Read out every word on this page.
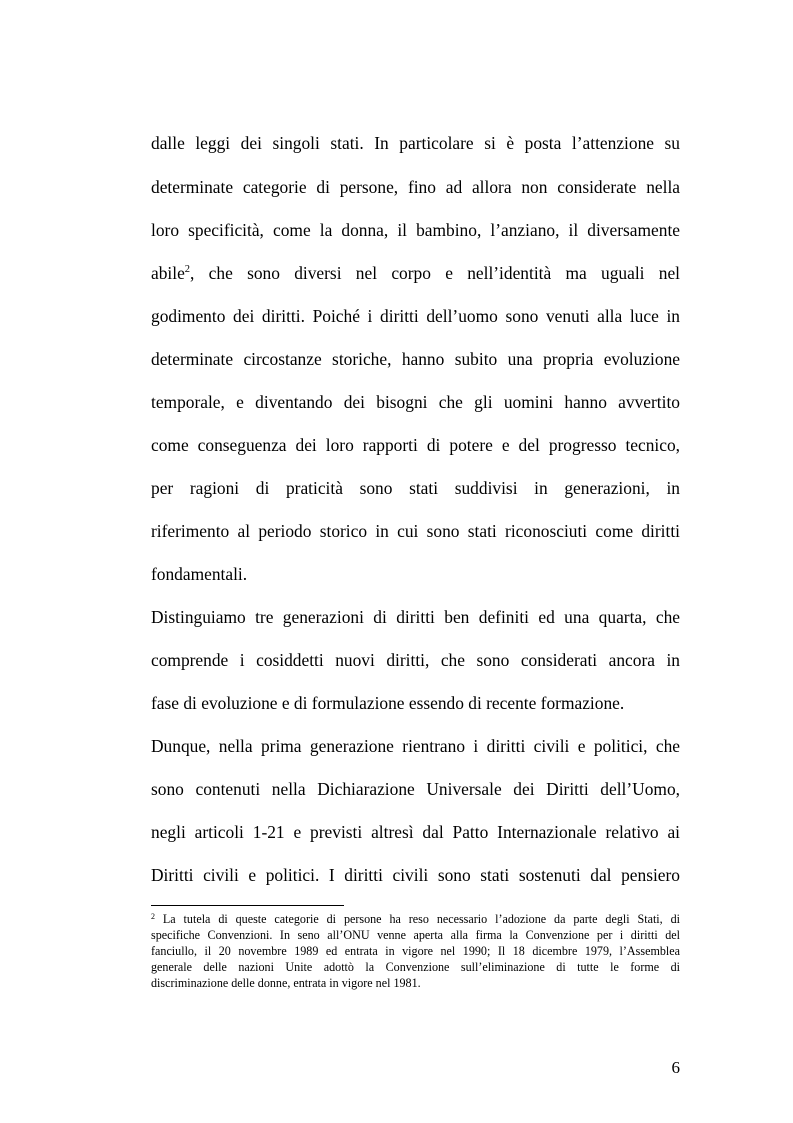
dalle leggi dei singoli stati. In particolare si è posta l’attenzione su
determinate categorie di persone, fino ad allora non considerate nella
loro specificità, come la donna, il bambino, l’anziano, il diversamente
abile$^2$, che sono diversi nel corpo e nell’identità ma uguali nel
godimento dei diritti. Poiché i diritti dell’uomo sono venuti alla luce in
determinate circostanze storiche, hanno subito una propria evoluzione
temporale, e diventando dei bisogni che gli uomini hanno avvertito
come conseguenza dei loro rapporti di potere e del progresso tecnico,
per ragioni di praticità sono stati suddivisi in generazioni, in
riferimento al periodo storico in cui sono stati riconosciuti come diritti
fondamentali.
Distinguiamo tre generazioni di diritti ben definiti ed una quarta, che
comprende i cosiddetti nuovi diritti, che sono considerati ancora in
fase di evoluzione e di formulazione essendo di recente formazione.
Dunque, nella prima generazione rientrano i diritti civili e politici, che
sono contenuti nella Dichiarazione Universale dei Diritti dell’Uomo,
negli articoli 1-21 e previsti altresì dal Patto Internazionale relativo ai
Diritti civili e politici. I diritti civili sono stati sostenuti dal pensiero
$^2$ La tutela di queste categorie di persone ha reso necessario l’adozione da parte degli Stati, di
specifiche Convenzioni. In seno all’ONU venne aperta alla firma la Convenzione per i diritti del
fanciullo, il 20 novembre 1989 ed entrata in vigore nel 1990; Il 18 dicembre 1979, l’Assemblea
generale delle nazioni Unite adottò la Convenzione sull’eliminazione di tutte le forme di
discriminazione delle donne, entrata in vigore nel 1981.
6
